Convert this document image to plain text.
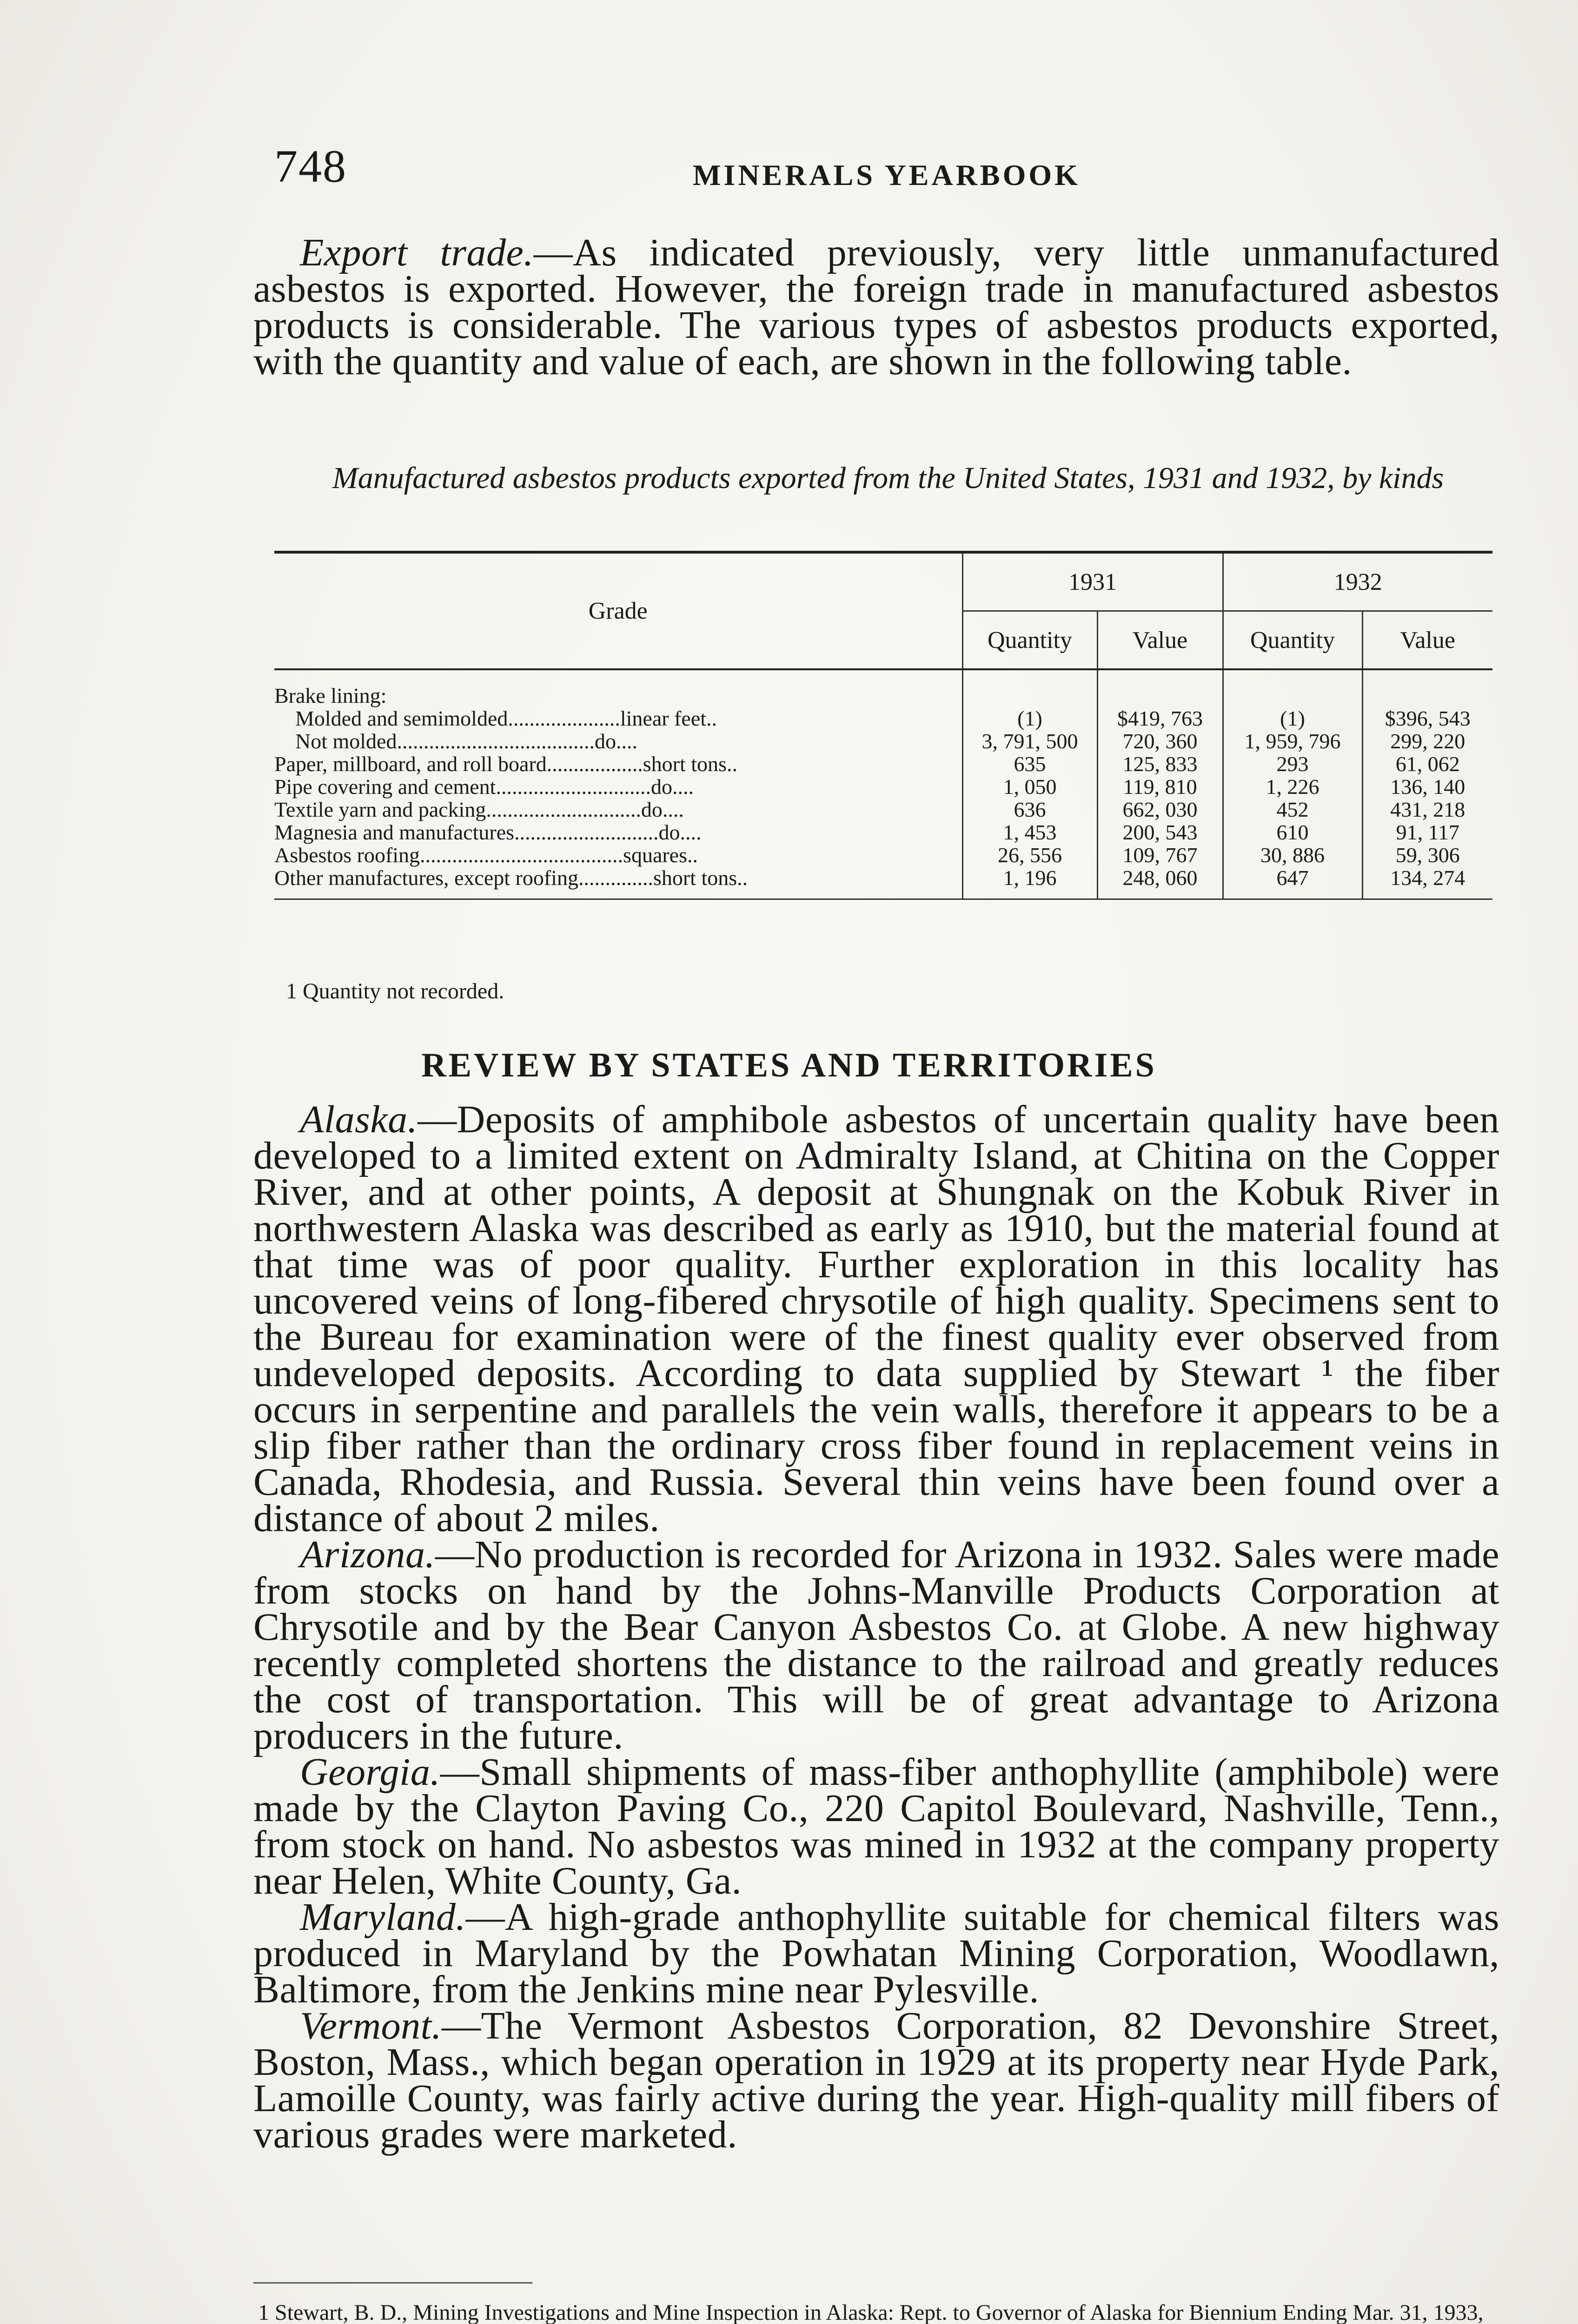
748	MINERALS YEARBOOK

Export trade.—As indicated previously, very little unmanufactured asbestos is exported. However, the foreign trade in manufactured asbestos products is considerable. The various types of asbestos products exported, with the quantity and value of each, are shown in the following table.

Manufactured asbestos products exported from the United States, 1931 and 1932, by kinds
Grade	1931		1932	
	Quantity	Value	Quantity	Value
Brake lining:				
Molded and semimolded.....................linear feet..	(1)	$419, 763	(1)	$396, 543
Not molded.....................................do....	3, 791, 500	720, 360	1, 959, 796	299, 220
Paper, millboard, and roll board..................short tons..	635	125, 833	293	61, 062
Pipe covering and cement.............................do....	1, 050	119, 810	1, 226	136, 140
Textile yarn and packing.............................do....	636	662, 030	452	431, 218
Magnesia and manufactures...........................do....	1, 453	200, 543	610	91, 117
Asbestos roofing......................................squares..	26, 556	109, 767	30, 886	59, 306
Other manufactures, except roofing..............short tons..	1, 196	248, 060	647	134, 274
1 Quantity not recorded.
REVIEW BY STATES AND TERRITORIES

Alaska.—Deposits of amphibole asbestos of uncertain quality have been developed to a limited extent on Admiralty Island, at Chitina on the Copper River, and at other points, A deposit at Shungnak on the Kobuk River in northwestern Alaska was described as early as 1910, but the material found at that time was of poor quality. Further exploration in this locality has uncovered veins of long-fibered chrysotile of high quality. Specimens sent to the Bureau for examination were of the finest quality ever observed from undeveloped deposits. According to data supplied by Stewart ¹ the fiber occurs in serpentine and parallels the vein walls, therefore it appears to be a slip fiber rather than the ordinary cross fiber found in replacement veins in Canada, Rhodesia, and Russia. Several thin veins have been found over a distance of about 2 miles.

Arizona.—No production is recorded for Arizona in 1932. Sales were made from stocks on hand by the Johns-Manville Products Corporation at Chrysotile and by the Bear Canyon Asbestos Co. at Globe. A new highway recently completed shortens the distance to the railroad and greatly reduces the cost of transportation. This will be of great advantage to Arizona producers in the future.

Georgia.—Small shipments of mass-fiber anthophyllite (amphibole) were made by the Clayton Paving Co., 220 Capitol Boulevard, Nashville, Tenn., from stock on hand. No asbestos was mined in 1932 at the company property near Helen, White County, Ga.

Maryland.—A high-grade anthophyllite suitable for chemical filters was produced in Maryland by the Powhatan Mining Corporation, Woodlawn, Baltimore, from the Jenkins mine near Pylesville.

Vermont.—The Vermont Asbestos Corporation, 82 Devonshire Street, Boston, Mass., which began operation in 1929 at its property near Hyde Park, Lamoille County, was fairly active during the year. High-quality mill fibers of various grades were marketed.

1 Stewart, B. D., Mining Investigations and Mine Inspection in Alaska: Rept. to Governor of Alaska for Biennium Ending Mar. 31, 1933,
